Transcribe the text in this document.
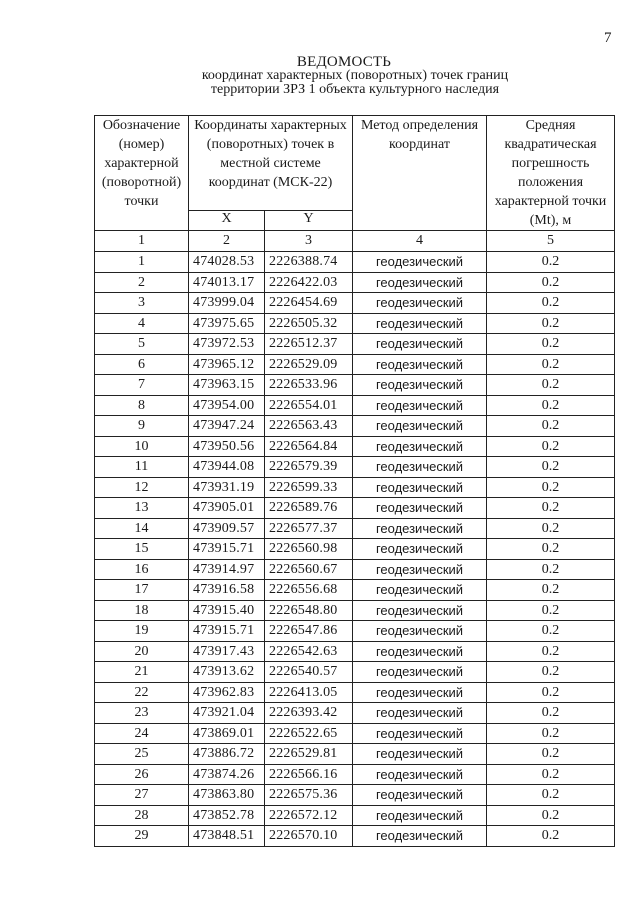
7
ВЕДОМОСТЬ
координат характерных (поворотных) точек границ
территории ЗРЗ 1 объекта культурного наследия
Обозначение (номер) характерной (поворотной) точки	Координаты характерных (поворотных) точек в местной системе координат (МСК-22)		Метод определения координат	Средняя квадратическая погрешность положения характерной точки (Mt), м
	X	Y		
1	2	3	4	5
1	474028.53	2226388.74	геодезический	0.2
2	474013.17	2226422.03	геодезический	0.2
3	473999.04	2226454.69	геодезический	0.2
4	473975.65	2226505.32	геодезический	0.2
5	473972.53	2226512.37	геодезический	0.2
6	473965.12	2226529.09	геодезический	0.2
7	473963.15	2226533.96	геодезический	0.2
8	473954.00	2226554.01	геодезический	0.2
9	473947.24	2226563.43	геодезический	0.2
10	473950.56	2226564.84	геодезический	0.2
11	473944.08	2226579.39	геодезический	0.2
12	473931.19	2226599.33	геодезический	0.2
13	473905.01	2226589.76	геодезический	0.2
14	473909.57	2226577.37	геодезический	0.2
15	473915.71	2226560.98	геодезический	0.2
16	473914.97	2226560.67	геодезический	0.2
17	473916.58	2226556.68	геодезический	0.2
18	473915.40	2226548.80	геодезический	0.2
19	473915.71	2226547.86	геодезический	0.2
20	473917.43	2226542.63	геодезический	0.2
21	473913.62	2226540.57	геодезический	0.2
22	473962.83	2226413.05	геодезический	0.2
23	473921.04	2226393.42	геодезический	0.2
24	473869.01	2226522.65	геодезический	0.2
25	473886.72	2226529.81	геодезический	0.2
26	473874.26	2226566.16	геодезический	0.2
27	473863.80	2226575.36	геодезический	0.2
28	473852.78	2226572.12	геодезический	0.2
29	473848.51	2226570.10	геодезический	0.2
